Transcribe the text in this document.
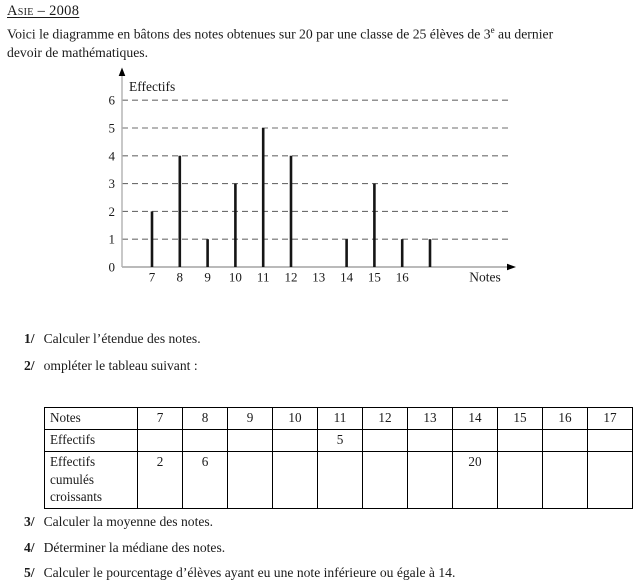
Asie – 2008
Voici le diagramme en bâtons des notes obtenues sur 20 par une classe de 25 élèves de 3e au dernier
devoir de mathématiques.
0
1
2
3
4
5
6
7 8 9 10 11 12 13 14 15 16
Effectifs
Notes
1/ Calculer l’étendue des notes.
2/ ompléter le tableau suivant :
Notes	7	8	9	10	11	12	13	14	15	16	17
Effectifs					5						
Effectifs cumulés croissants	2	6						20			
3/ Calculer la moyenne des notes.
4/ Déterminer la médiane des notes.
5/ Calculer le pourcentage d’élèves ayant eu une note inférieure ou égale à 14.
